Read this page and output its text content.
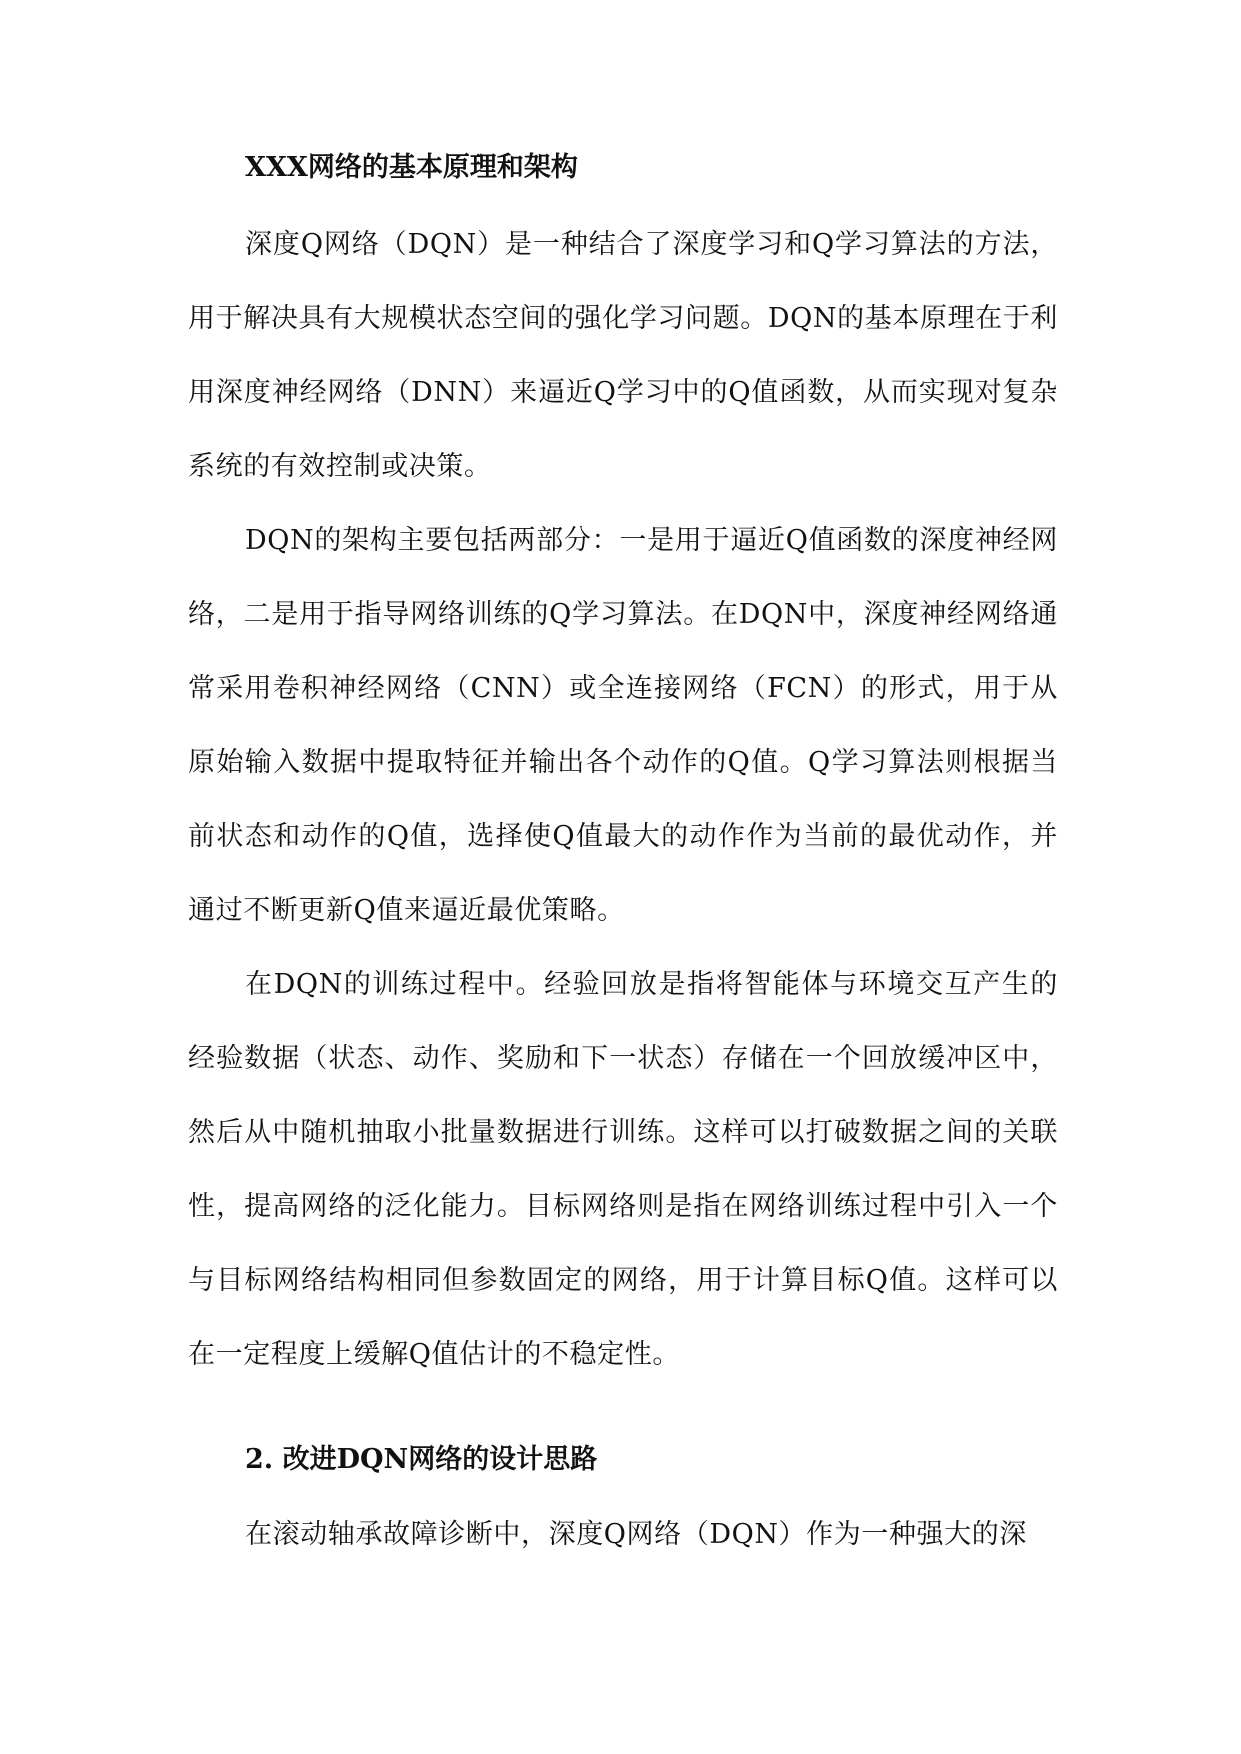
XXX网络的基本原理和架构

深度Q网络（DQN）是一种结合了深度学习和Q学习算法的方法，用于解决具有大规模状态空间的强化学习问题。DQN的基本原理在于利用深度神经网络（DNN）来逼近Q学习中的Q值函数，从而实现对复杂系统的有效控制或决策。

DQN的架构主要包括两部分：一是用于逼近Q值函数的深度神经网络，二是用于指导网络训练的Q学习算法。在DQN中，深度神经网络通常采用卷积神经网络（CNN）或全连接网络（FCN）的形式，用于从原始输入数据中提取特征并输出各个动作的Q值。Q学习算法则根据当前状态和动作的Q值，选择使Q值最大的动作作为当前的最优动作，并通过不断更新Q值来逼近最优策略。

在DQN的训练过程中。经验回放是指将智能体与环境交互产生的经验数据（状态、动作、奖励和下一状态）存储在一个回放缓冲区中，然后从中随机抽取小批量数据进行训练。这样可以打破数据之间的关联性，提高网络的泛化能力。目标网络则是指在网络训练过程中引入一个与目标网络结构相同但参数固定的网络，用于计算目标Q值。这样可以在一定程度上缓解Q值估计的不稳定性。

2. 改进DQN网络的设计思路

在滚动轴承故障诊断中，深度Q网络（DQN）作为一种强大的深
